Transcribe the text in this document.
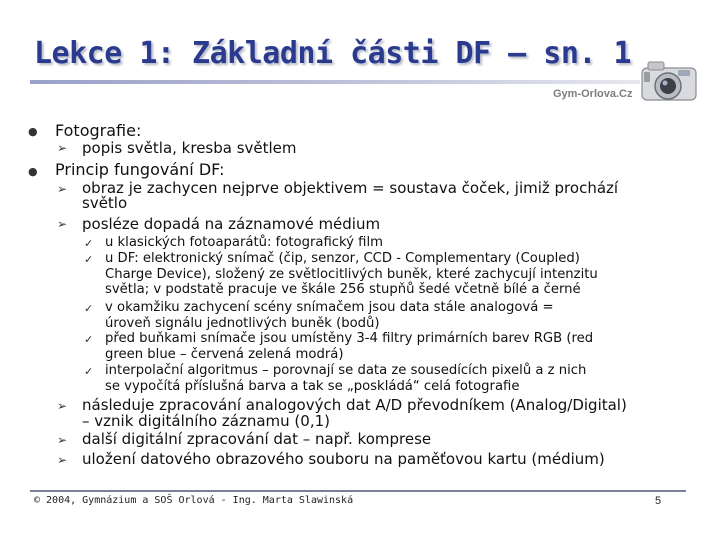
Lekce 1: Základní části DF – sn. 1
Gym-Orlova.Cz
● Fotografie:
➢ popis světla, kresba světlem
● Princip fungování DF:
➢ obraz je zachycen nejprve objektivem = soustava čoček, jimiž prochází
světlo
➢ posléze dopadá na záznamové médium
✓ u klasických fotoaparátů: fotografický film
✓ u DF: elektronický snímač (čip, senzor, CCD - Complementary (Coupled)
Charge Device), složený ze světlocitlivých buněk, které zachycují intenzitu
světla; v podstatě pracuje ve škále 256 stupňů šedé včetně bílé a černé
✓ v okamžiku zachycení scény snímačem jsou data stále analogová =
úroveň signálu jednotlivých buněk (bodů)
✓ před buňkami snímače jsou umístěny 3-4 filtry primárních barev RGB (red
green blue – červená zelená modrá)
✓ interpolační algoritmus – porovnají se data ze sousedících pixelů a z nich
se vypočítá příslušná barva a tak se „poskládá“ celá fotografie
➢ následuje zpracování analogových dat A/D převodníkem (Analog/Digital)
– vznik digitálního záznamu (0,1)
➢ další digitální zpracování dat – např. komprese
➢ uložení datového obrazového souboru na paměťovou kartu (médium)
© 2004, Gymnázium a SOŠ Orlová - Ing. Marta Slawinská	5
